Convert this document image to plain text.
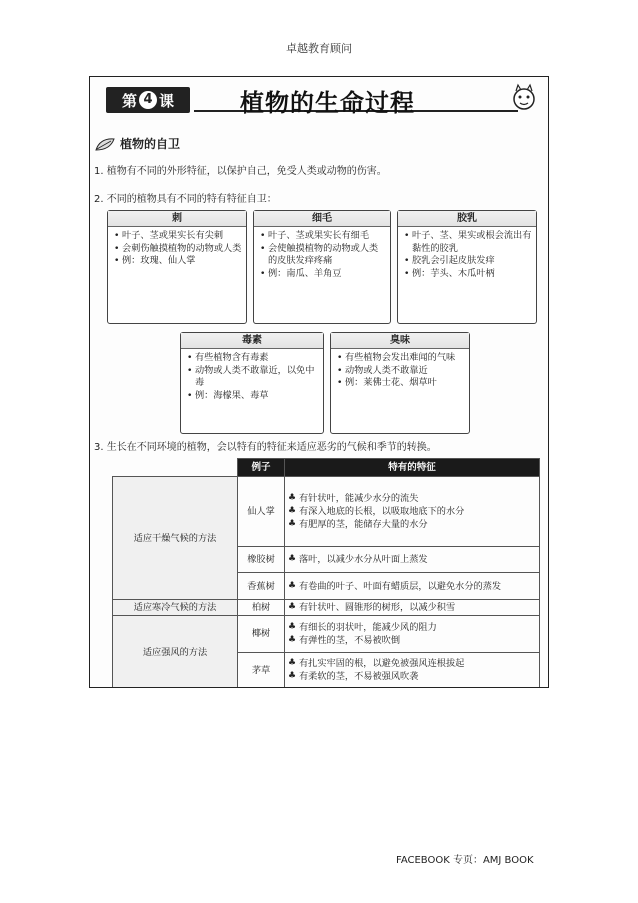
卓越教育顾问
第 4 课	植物的生命过程
植物的自卫
1. 植物有不同的外形特征，以保护自己，免受人类或动物的伤害。
2. 不同的植物具有不同的特有特征自卫：
刺
• 叶子、茎或果实长有尖刺
• 会刺伤触摸植物的动物或人类
• 例：玫瑰、仙人掌
细毛
• 叶子、茎或果实长有细毛
• 会使触摸植物的动物或人类的皮肤发痒疼痛
• 例：南瓜、羊角豆
胶乳
• 叶子、茎、果实或根会流出有黏性的胶乳
• 胶乳会引起皮肤发痒
• 例：芋头、木瓜叶柄
毒素
• 有些植物含有毒素
• 动物或人类不敢靠近，以免中毒
• 例：海檬果、毒草
臭味
• 有些植物会发出难闻的气味
• 动物或人类不敢靠近
• 例：莱佛士花、烟草叶
3. 生长在不同环境的植物，会以特有的特征来适应恶劣的气候和季节的转换。
	例子	特有的特征
适应干燥气候的方法	仙人掌	♣ 有针状叶，能减少水分的流失
♣ 有深入地底的长根，以吸取地底下的水分
♣ 有肥厚的茎，能储存大量的水分

	橡胶树	♣ 落叶，以减少水分从叶面上蒸发

	香蕉树	♣ 有卷曲的叶子、叶面有蜡质层，以避免水分的蒸发

适应寒冷气候的方法	柏树	♣ 有针状叶、圆锥形的树形，以减少积雪

适应强风的方法	椰树	♣ 有细长的羽状叶，能减少风的阻力
♣ 有弹性的茎，不易被吹倒

	茅草	♣ 有扎实牢固的根，以避免被强风连根拔起
♣ 有柔软的茎，不易被强风吹袭
FACEBOOK 专页：AMJ BOOK
